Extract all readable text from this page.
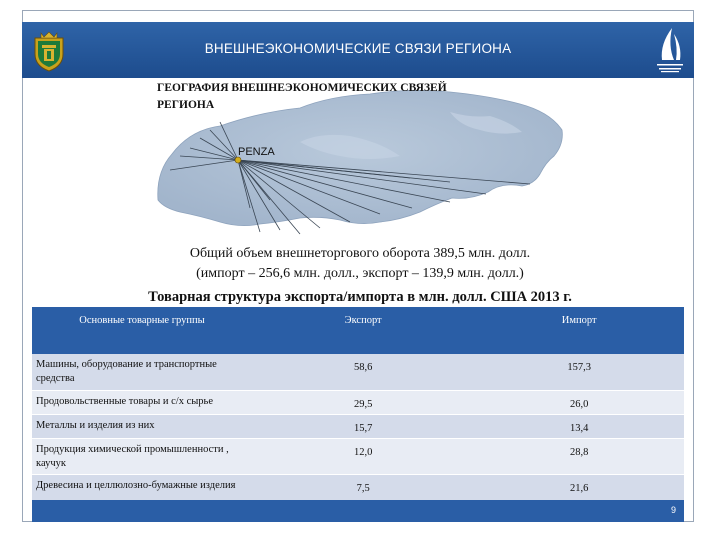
ВНЕШНЕЭКОНОМИЧЕСКИЕ СВЯЗИ РЕГИОНА
ГЕОГРАФИЯ ВНЕШНЕЭКОНОМИЧЕСКИХ СВЯЗЕЙ
РЕГИОНА
PENZA
Общий объем внешнеторгового оборота 389,5 млн. долл.
(импорт – 256,6 млн. долл., экспорт – 139,9 млн. долл.)
Товарная структура экспорта/импорта в млн. долл. США 2013 г.
Основные товарные группы	Экспорт	Импорт
Машины, оборудование и транспортные средства	58,6	157,3
Продовольственные товары и с/х сырье	29,5	26,0
Металлы и изделия из них	15,7	13,4
Продукция химической промышленности , каучук	12,0	28,8
Древесина и целлюлозно-бумажные изделия	7,5	21,6
9
